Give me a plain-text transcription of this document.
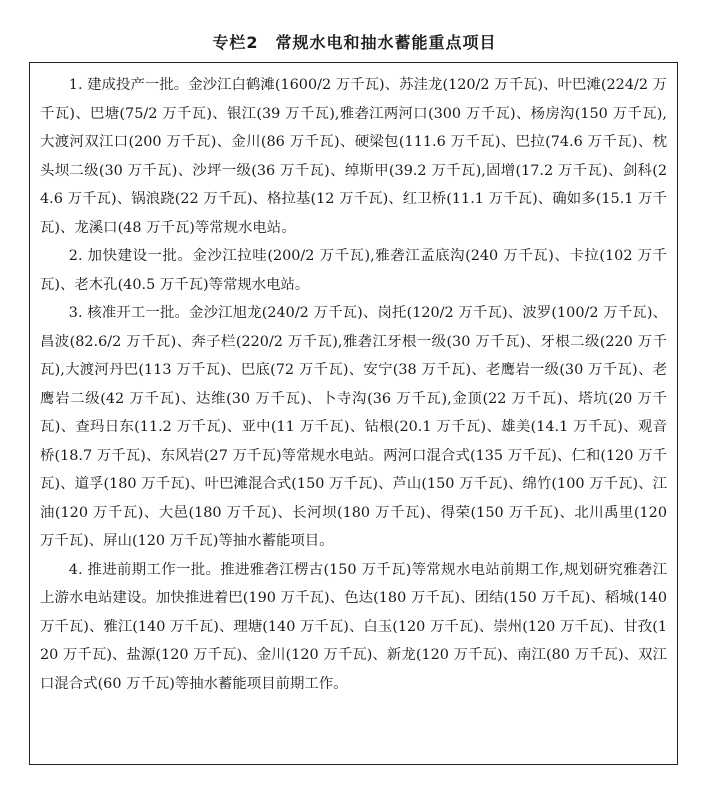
专栏2　常规水电和抽水蓄能重点项目

1. 建成投产一批。金沙江白鹤滩(1600/2 万千瓦)、苏洼龙(120/2 万千瓦)、叶巴滩(224/2 万千瓦)、巴塘(75/2 万千瓦)、银江(39 万千瓦),雅砻江两河口(300 万千瓦)、杨房沟(150 万千瓦),大渡河双江口(200 万千瓦)、金川(86 万千瓦)、硬梁包(111.6 万千瓦)、巴拉(74.6 万千瓦)、枕头坝二级(30 万千瓦)、沙坪一级(36 万千瓦)、绰斯甲(39.2 万千瓦),固增(17.2 万千瓦)、剑科(24.6 万千瓦)、锅浪跷(22 万千瓦)、格拉基(12 万千瓦)、红卫桥(11.1 万千瓦)、确如多(15.1 万千瓦)、龙溪口(48 万千瓦)等常规水电站。

2. 加快建设一批。金沙江拉哇(200/2 万千瓦),雅砻江孟底沟(240 万千瓦)、卡拉(102 万千瓦)、老木孔(40.5 万千瓦)等常规水电站。

3. 核准开工一批。金沙江旭龙(240/2 万千瓦)、岗托(120/2 万千瓦)、波罗(100/2 万千瓦)、昌波(82.6/2 万千瓦)、奔子栏(220/2 万千瓦),雅砻江牙根一级(30 万千瓦)、牙根二级(220 万千瓦),大渡河丹巴(113 万千瓦)、巴底(72 万千瓦)、安宁(38 万千瓦)、老鹰岩一级(30 万千瓦)、老鹰岩二级(42 万千瓦)、达维(30 万千瓦)、卜寺沟(36 万千瓦),金顶(22 万千瓦)、塔坑(20 万千瓦)、查玛日东(11.2 万千瓦)、亚中(11 万千瓦)、钻根(20.1 万千瓦)、雄美(14.1 万千瓦)、观音桥(18.7 万千瓦)、东风岩(27 万千瓦)等常规水电站。两河口混合式(135 万千瓦)、仁和(120 万千瓦)、道孚(180 万千瓦)、叶巴滩混合式(150 万千瓦)、芦山(150 万千瓦)、绵竹(100 万千瓦)、江油(120 万千瓦)、大邑(180 万千瓦)、长河坝(180 万千瓦)、得荣(150 万千瓦)、北川禹里(120 万千瓦)、屏山(120 万千瓦)等抽水蓄能项目。

4. 推进前期工作一批。推进雅砻江楞古(150 万千瓦)等常规水电站前期工作,规划研究雅砻江上游水电站建设。加快推进着巴(190 万千瓦)、色达(180 万千瓦)、团结(150 万千瓦)、稻城(140 万千瓦)、雅江(140 万千瓦)、理塘(140 万千瓦)、白玉(120 万千瓦)、崇州(120 万千瓦)、甘孜(120 万千瓦)、盐源(120 万千瓦)、金川(120 万千瓦)、新龙(120 万千瓦)、南江(80 万千瓦)、双江口混合式(60 万千瓦)等抽水蓄能项目前期工作。
